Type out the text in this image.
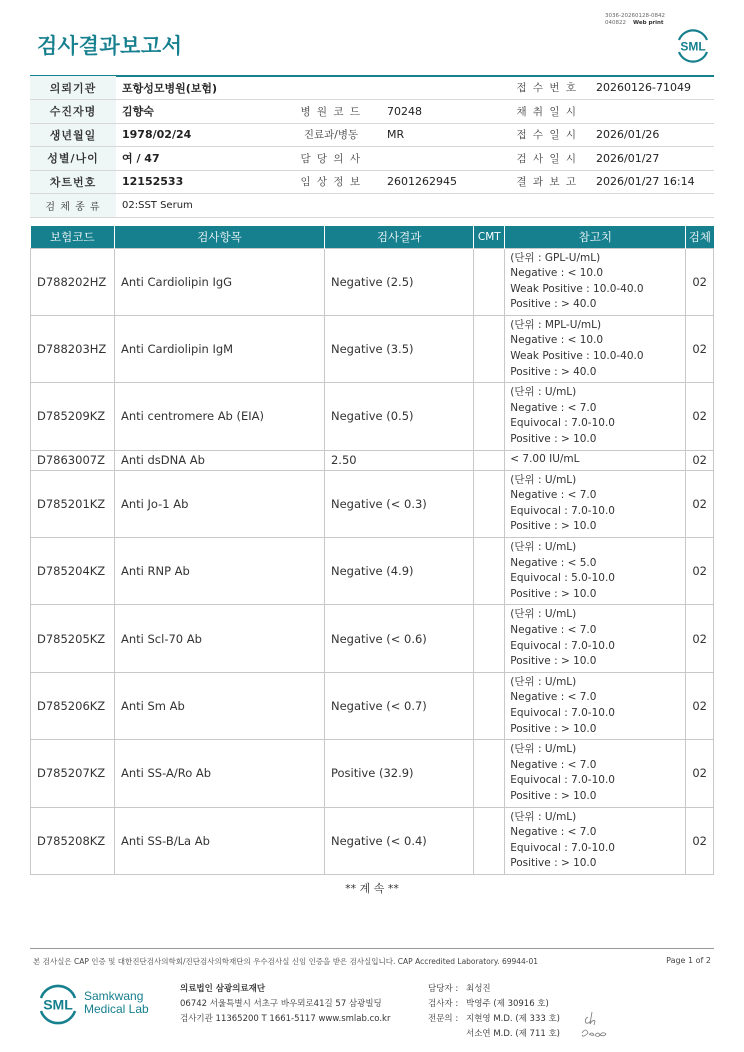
3036-20260128-0842
040822 Web print
검사결과보고서	SML
의뢰기관	포항성모병원(보험)			접 수 번 호	20260126-71049
수진자명	김향숙	병 원 코 드	70248	채 취 일 시	
생년월일	1978/02/24	진료과/병동	MR	접 수 일 시	2026/01/26
성별/나이	여 / 47	담 당 의 사		검 사 일 시	2026/01/27
차트번호	12152533	임 상 정 보	2601262945	결 과 보 고	2026/01/27 16:14
검 체 종 류	02:SST Serum				
보험코드	검사항목	검사결과	CMT	참고치	검체
D788202HZ	Anti Cardiolipin IgG	Negative (2.5)		(단위 : GPL-U/mL)
Negative : < 10.0
Weak Positive : 10.0-40.0
Positive : > 40.0	02
D788203HZ	Anti Cardiolipin IgM	Negative (3.5)		(단위 : MPL-U/mL)
Negative : < 10.0
Weak Positive : 10.0-40.0
Positive : > 40.0	02
D785209KZ	Anti centromere Ab (EIA)	Negative (0.5)		(단위 : U/mL)
Negative : < 7.0
Equivocal : 7.0-10.0
Positive : > 10.0	02
D7863007Z	Anti dsDNA Ab	2.50		< 7.00 IU/mL	02
D785201KZ	Anti Jo-1 Ab	Negative (< 0.3)		(단위 : U/mL)
Negative : < 7.0
Equivocal : 7.0-10.0
Positive : > 10.0	02
D785204KZ	Anti RNP Ab	Negative (4.9)		(단위 : U/mL)
Negative : < 5.0
Equivocal : 5.0-10.0
Positive : > 10.0	02
D785205KZ	Anti Scl-70 Ab	Negative (< 0.6)		(단위 : U/mL)
Negative : < 7.0
Equivocal : 7.0-10.0
Positive : > 10.0	02
D785206KZ	Anti Sm Ab	Negative (< 0.7)		(단위 : U/mL)
Negative : < 7.0
Equivocal : 7.0-10.0
Positive : > 10.0	02
D785207KZ	Anti SS-A/Ro Ab	Positive (32.9)		(단위 : U/mL)
Negative : < 7.0
Equivocal : 7.0-10.0
Positive : > 10.0	02
D785208KZ	Anti SS-B/La Ab	Negative (< 0.4)		(단위 : U/mL)
Negative : < 7.0
Equivocal : 7.0-10.0
Positive : > 10.0	02
** 계 속 **
본 검사실은 CAP 인증 및 대한진단검사의학회/진단검사의학재단의 우수검사실 신임 인증을 받은 검사실입니다. CAP Accredited Laboratory. 69944-01	Page 1 of 2
SML
Samkwang
Medical Lab
의료법인 삼광의료재단
06742 서울특별시 서초구 바우뫼로41길 57 삼광빌딩
검사기관 11365200 T 1661-5117 www.smlab.co.kr
담당자 : 최성진
검사자 : 박영주 (제 30916 호)
전문의 : 지현영 M.D. (제 333 호)
서소연 M.D. (제 711 호)
